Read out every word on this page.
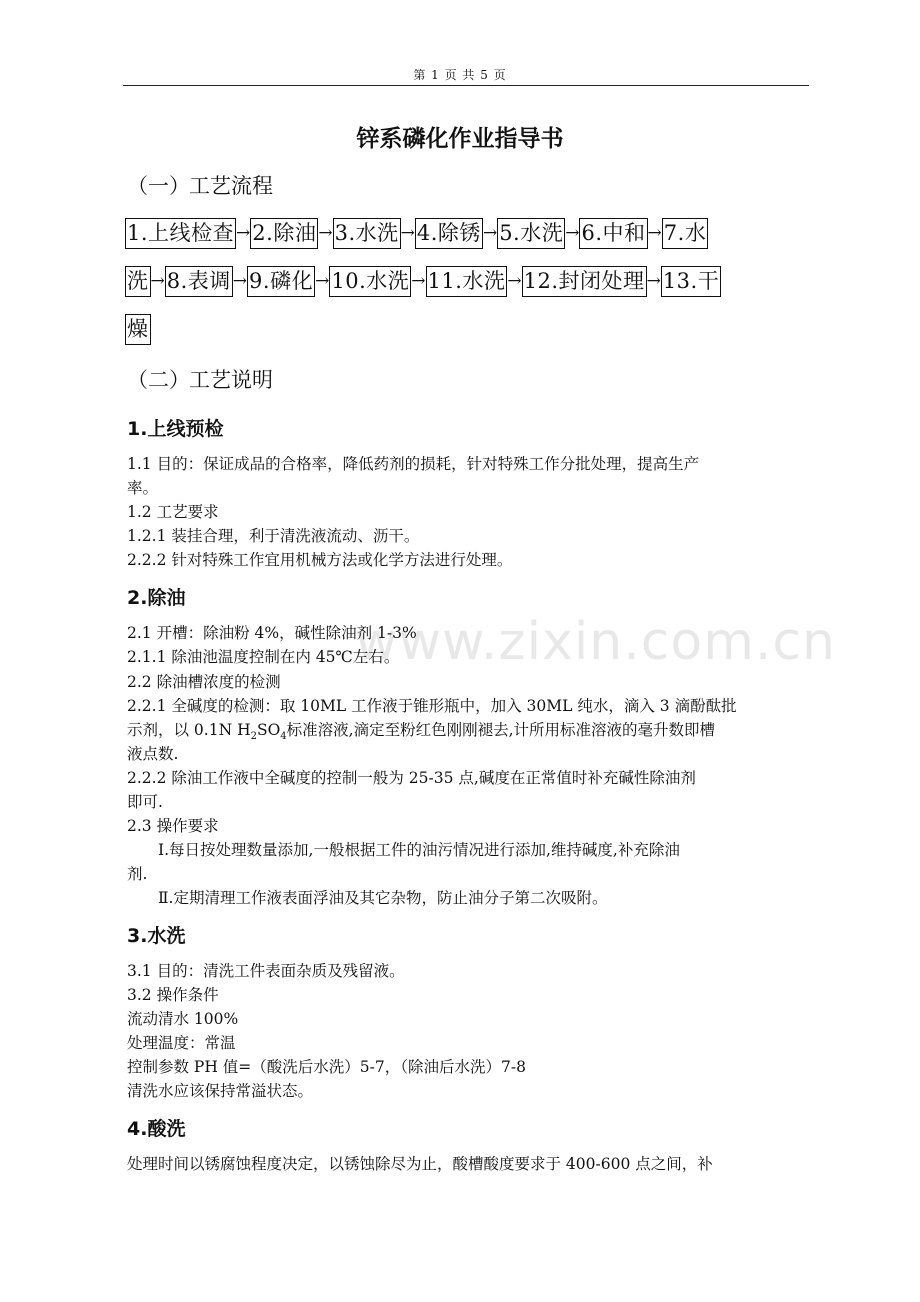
第 1 页 共 5 页
锌系磷化作业指导书
（一）工艺流程
1.上线检查 → 2.除油 → 3.水洗 → 4.除锈 → 5.水洗 → 6.中和 → 7.水
洗 → 8.表调 → 9.磷化 → 10.水洗 → 11.水洗 → 12.封闭处理 → 13.干
燥
（二）工艺说明
www.zixin.com.cn
1.上线预检
1.1 目的：保证成品的合格率，降低药剂的损耗，针对特殊工作分批处理，提高生产
率。
1.2 工艺要求
1.2.1 装挂合理，利于清洗液流动、沥干。
2.2.2 针对特殊工作宜用机械方法或化学方法进行处理。
2.除油
2.1 开槽：除油粉 4%，碱性除油剂 1-3%
2.1.1 除油池温度控制在内 45℃左右。
2.2 除油槽浓度的检测
2.2.1 全碱度的检测：取 10ML 工作液于锥形瓶中，加入 30ML 纯水，滴入 3 滴酚酞批
示剂，以 0.1N $H_2SO_4$标准溶液,滴定至粉红色刚刚褪去,计所用标准溶液的毫升数即槽
液点数.
2.2.2 除油工作液中全碱度的控制一般为 25-35 点,碱度在正常值时补充碱性除油剂
即可.
2.3 操作要求
Ⅰ.每日按处理数量添加,一般根据工件的油污情况进行添加,维持碱度,补充除油
剂.
Ⅱ.定期清理工作液表面浮油及其它杂物，防止油分子第二次吸附。
3.水洗
3.1 目的：清洗工件表面杂质及残留液。
3.2 操作条件
流动清水 100%
处理温度：常温
控制参数 PH 值=（酸洗后水洗）5-7，（除油后水洗）7-8
清洗水应该保持常溢状态。
4.酸洗
处理时间以锈腐蚀程度决定，以锈蚀除尽为止，酸槽酸度要求于 400-600 点之间，补
